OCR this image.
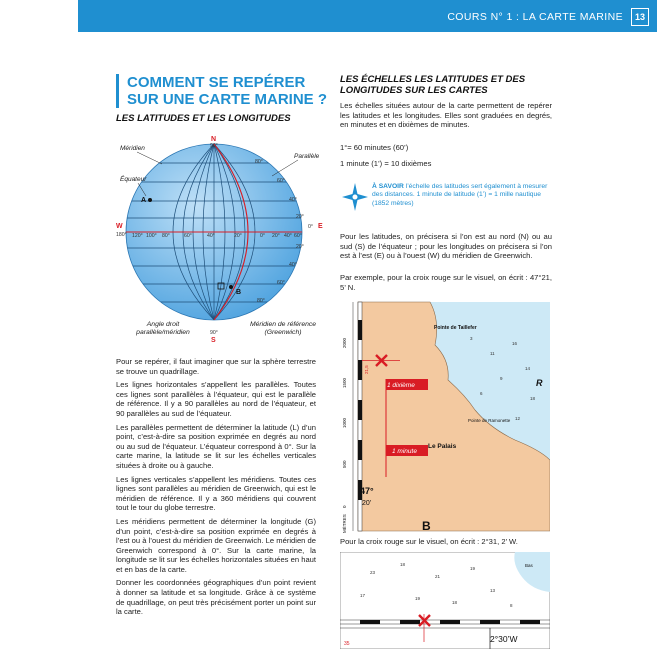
COURS N° 1 : LA CARTE MARINE	13
COMMENT SE REPÉRER SUR UNE CARTE MARINE ?
LES LATITUDES ET LES LONGITUDES
N
90°
S
90°
W
180°
E
0°
Méridien
Parallèle
Équateur
A
B
80°
60°
40°
20°
20°
40°
60°
80°
120° 100° 80°	60°	40°	20°	0° 20° 40° 60°
Angle droit
parallèle/méridien
Méridien de référence
(Greenwich)

Pour se repérer, il faut imaginer que sur la sphère terrestre se trouve un quadrillage.

Les lignes horizontales s’appellent les parallèles. Toutes ces lignes sont parallèles à l’équateur, qui est le parallèle de référence. Il y a 90 parallèles au nord de l’équateur, et 90 parallèles au sud de l’équateur.

Les parallèles permettent de déterminer la latitude (L) d’un point, c’est-à-dire sa position exprimée en degrés au nord ou au sud de l’équateur. L’équateur correspond à 0°. Sur la carte marine, la latitude se lit sur les échelles verticales situées à droite ou à gauche.

Les lignes verticales s’appellent les méridiens. Toutes ces lignes sont parallèles au méridien de Greenwich, qui est le méridien de référence. Il y a 360 méridiens qui couvrent tout le tour du globe terrestre.

Les méridiens permettent de déterminer la longitude (G) d’un point, c’est-à-dire sa position exprimée en degrés à l’est ou à l’ouest du méridien de Greenwich. Le méridien de Greenwich correspond à 0°. Sur la carte marine, la longitude se lit sur les échelles horizontales situées en haut et en bas de la carte.

Donner les coordonnées géographiques d’un point revient à donner sa latitude et sa longitude. Grâce à ce système de quadrillage, on peut très précisément porter un point sur la carte.

LES ÉCHELLES LES LATITUDES ET DES LONGITUDES SUR LES CARTES

Les échelles situées autour de la carte permettent de repérer les latitudes et les longitudes. Elles sont graduées en degrés, en minutes et en dixièmes de minutes.

1°= 60 minutes (60’)

1 minute (1’) = 10 dixièmes

À SAVOIR l’échelle des latitudes sert également à mesurer des distances. 1 minute de latitude (1’) = 1 mille nautique (1852 mètres)

Pour les latitudes, on précisera si l’on est au nord (N) ou au sud (S) de l’équateur ; pour les longitudes on précisera si l’on est à l’est (E) ou à l’ouest (W) du méridien de Greenwich.

Par exemple, pour la croix rouge sur le visuel, on écrit : 47°21, 5’ N.

3
11
16
9
14
18
6
12
1 dixième
1 minute
Pointe de Taillefer
Pointe de Ramonette
Le Palais
47°
20’
B
R
2000
1500
1000
500
0
MÈTRES
21,5

Pour la croix rouge sur le visuel, on écrit : 2°31, 2’ W.

23
18
21
19
13
17
19
18
8
Bas
2°30’W
35
